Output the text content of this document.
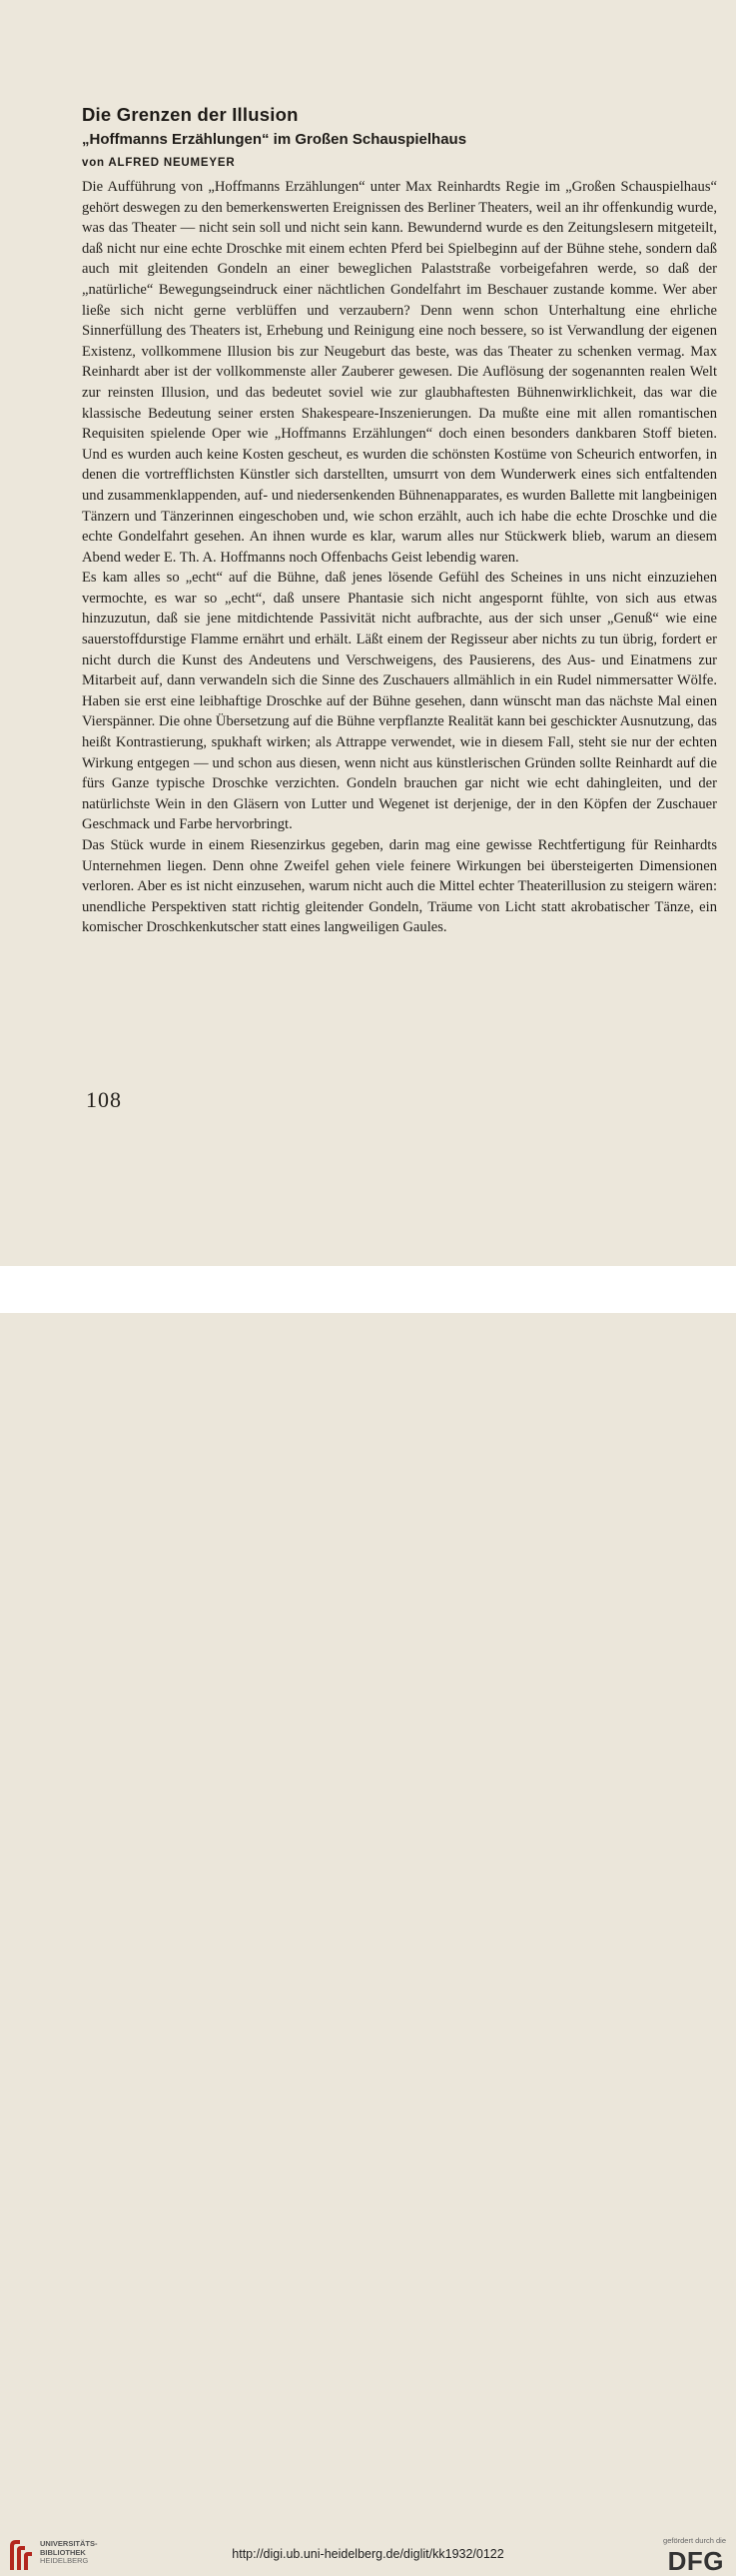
Die Grenzen der Illusion
„Hoffmanns Erzählungen“ im Großen Schauspielhaus
von ALFRED NEUMEYER

Die Aufführung von „Hoffmanns Erzählungen“ unter Max Reinhardts Regie im „Großen Schauspielhaus“ gehört deswegen zu den bemerkenswerten Ereignissen des Berliner Theaters, weil an ihr offenkundig wurde, was das Theater — nicht sein soll und nicht sein kann. Bewundernd wurde es den Zeitungslesern mitgeteilt, daß nicht nur eine echte Droschke mit einem echten Pferd bei Spielbeginn auf der Bühne stehe, sondern daß auch mit gleitenden Gondeln an einer beweglichen Palaststraße vorbeigefahren werde, so daß der „natürliche“ Bewegungseindruck einer nächtlichen Gondelfahrt im Beschauer zustande komme. Wer aber ließe sich nicht gerne verblüffen und verzaubern? Denn wenn schon Unterhaltung eine ehrliche Sinnerfüllung des Theaters ist, Erhebung und Reinigung eine noch bessere, so ist Verwandlung der eigenen Existenz, vollkommene Illusion bis zur Neugeburt das beste, was das Theater zu schenken vermag. Max Reinhardt aber ist der vollkommenste aller Zauberer gewesen. Die Auflösung der sogenannten realen Welt zur reinsten Illusion, und das bedeutet soviel wie zur glaubhaftesten Bühnenwirklichkeit, das war die klassische Bedeutung seiner ersten Shakespeare-Inszenierungen. Da mußte eine mit allen romantischen Requisiten spielende Oper wie „Hoffmanns Erzählungen“ doch einen besonders dankbaren Stoff bieten. Und es wurden auch keine Kosten gescheut, es wurden die schönsten Kostüme von Scheurich entworfen, in denen die vortrefflichsten Künstler sich darstellten, umsurrt von dem Wunderwerk eines sich entfaltenden und zusammenklappenden, auf- und niedersenkenden Bühnenapparates, es wurden Ballette mit langbeinigen Tänzern und Tänzerinnen eingeschoben und, wie schon erzählt, auch ich habe die echte Droschke und die echte Gondelfahrt gesehen. An ihnen wurde es klar, warum alles nur Stückwerk blieb, warum an diesem Abend weder E. Th. A. Hoffmanns noch Offenbachs Geist lebendig waren.

Es kam alles so „echt“ auf die Bühne, daß jenes lösende Gefühl des Scheines in uns nicht einzuziehen vermochte, es war so „echt“, daß unsere Phantasie sich nicht angespornt fühlte, von sich aus etwas hinzuzutun, daß sie jene mitdichtende Passivität nicht aufbrachte, aus der sich unser „Genuß“ wie eine sauerstoffdurstige Flamme ernährt und erhält. Läßt einem der Regisseur aber nichts zu tun übrig, fordert er nicht durch die Kunst des Andeutens und Verschweigens, des Pausierens, des Aus- und Einatmens zur Mitarbeit auf, dann verwandeln sich die Sinne des Zuschauers allmählich in ein Rudel nimmersatter Wölfe. Haben sie erst eine leibhaftige Droschke auf der Bühne gesehen, dann wünscht man das nächste Mal einen Vierspänner. Die ohne Übersetzung auf die Bühne verpflanzte Realität kann bei geschickter Ausnutzung, das heißt Kontrastierung, spukhaft wirken; als Attrappe verwendet, wie in diesem Fall, steht sie nur der echten Wirkung entgegen — und schon aus diesen, wenn nicht aus künstlerischen Gründen sollte Reinhardt auf die fürs Ganze typische Droschke verzichten. Gondeln brauchen gar nicht wie echt dahingleiten, und der natürlichste Wein in den Gläsern von Lutter und Wegenet ist derjenige, der in den Köpfen der Zuschauer Geschmack und Farbe hervorbringt.

Das Stück wurde in einem Riesenzirkus gegeben, darin mag eine gewisse Rechtfertigung für Reinhardts Unternehmen liegen. Denn ohne Zweifel gehen viele feinere Wirkungen bei übersteigerten Dimensionen verloren. Aber es ist nicht einzusehen, warum nicht auch die Mittel echter Theaterillusion zu steigern wären: unendliche Perspektiven statt richtig gleitender Gondeln, Träume von Licht statt akrobatischer Tänze, ein komischer Droschkenkutscher statt eines langweiligen Gaules.

108
UNIVERSITÄTS-
BIBLIOTHEK
HEIDELBERG	http://digi.ub.uni-heidelberg.de/diglit/kk1932/0122
gefördert durch die
DFG
